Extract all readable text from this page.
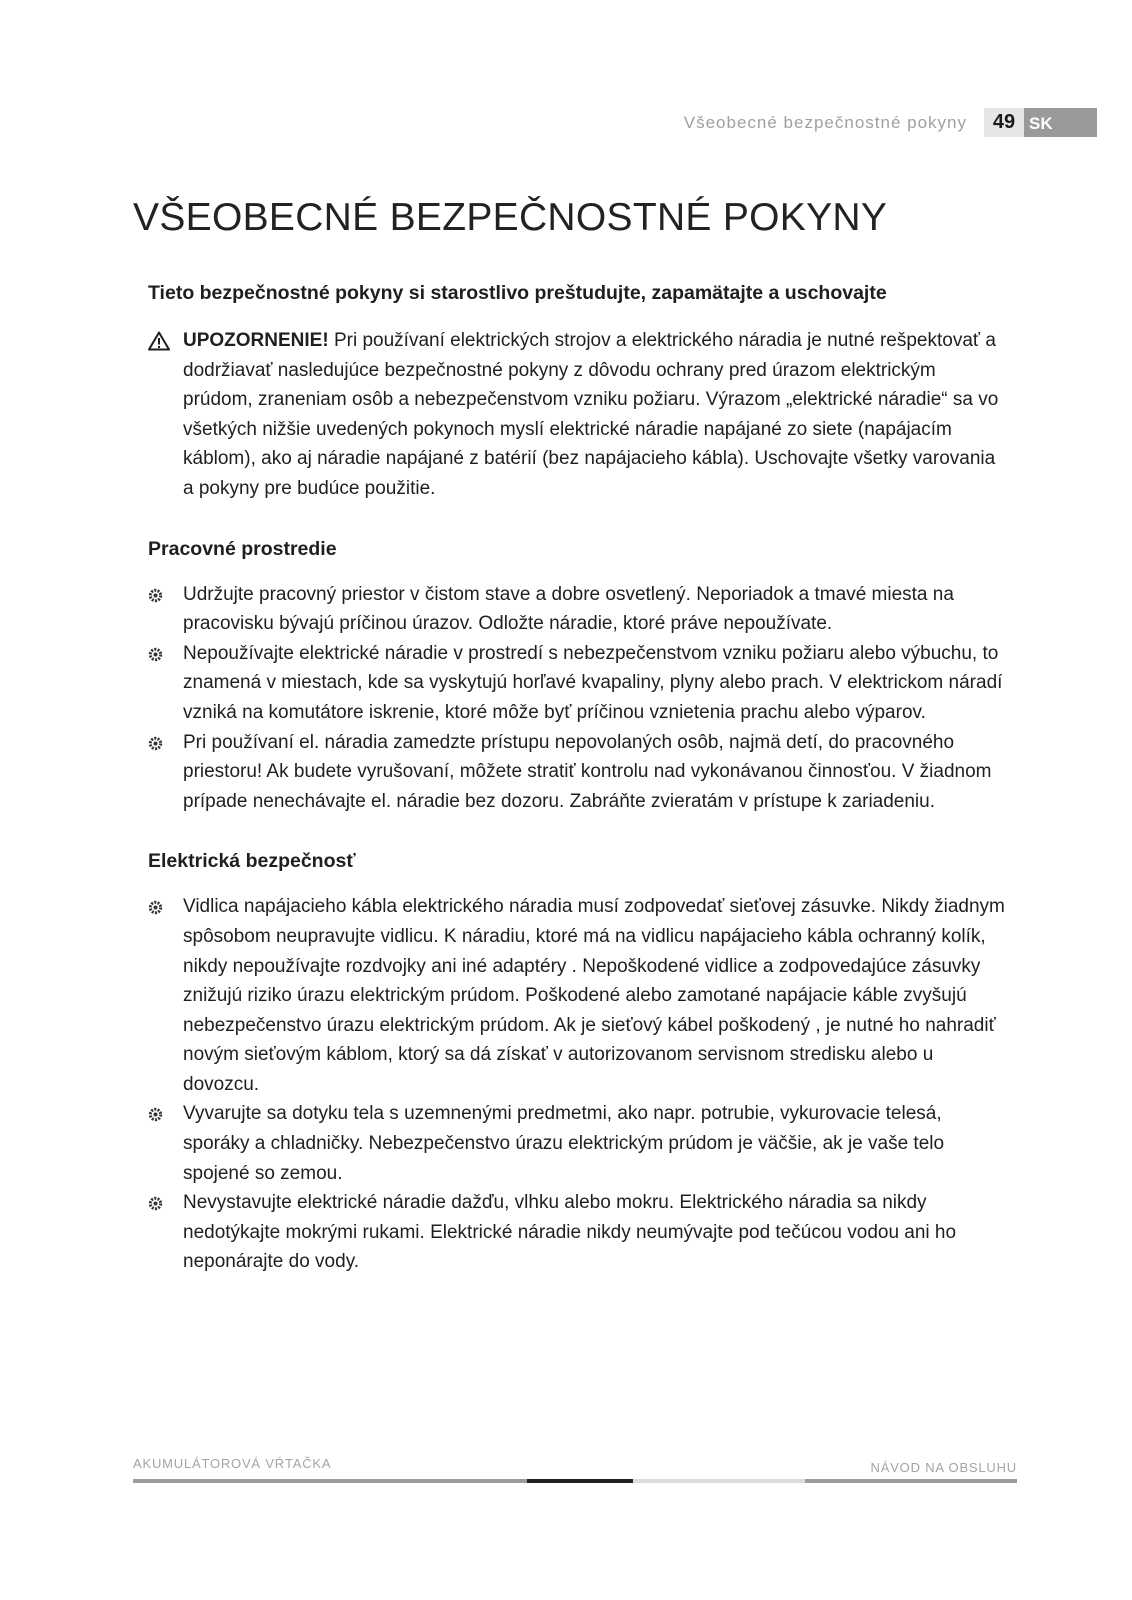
Všeobecné bezpečnostné pokyny	49 SK
VŠEOBECNÉ BEZPEČNOSTNÉ POKYNY

Tieto bezpečnostné pokyny si starostlivo preštudujte, zapamätajte a uschovajte

UPOZORNENIE! Pri používaní elektrických strojov a elektrického náradia je nutné rešpektovať a dodržiavať nasledujúce bezpečnostné pokyny z dôvodu ochrany pred úrazom elektrickým prúdom, zraneniam osôb a nebezpečenstvom vzniku požiaru. Výrazom „elektrické náradie“ sa vo všetkých nižšie uvedených pokynoch myslí elektrické náradie napájané zo siete (napájacím káblom), ako aj náradie napájané z batérií (bez napájacieho kábla). Uschovajte všetky varovania a pokyny pre budúce použitie.

Pracovné prostredie
Udržujte pracovný priestor v čistom stave a dobre osvetlený. Neporiadok a tmavé miesta na pracovisku bývajú príčinou úrazov. Odložte náradie, ktoré práve nepoužívate.
Nepoužívajte elektrické náradie v prostredí s nebezpečenstvom vzniku požiaru alebo výbuchu, to znamená v miestach, kde sa vyskytujú horľavé kvapaliny, plyny alebo prach. V elektrickom náradí vzniká na komutátore iskrenie, ktoré môže byť príčinou vznietenia prachu alebo výparov.
Pri používaní el. náradia zamedzte prístupu nepovolaných osôb, najmä detí, do pracovného priestoru! Ak budete vyrušovaní, môžete stratiť kontrolu nad vykonávanou činnosťou. V žiadnom prípade nenechávajte el. náradie bez dozoru. Zabráňte zvieratám v prístupe k zariadeniu.
Elektrická bezpečnosť
Vidlica napájacieho kábla elektrického náradia musí zodpovedať sieťovej zásuvke. Nikdy žiadnym spôsobom neupravujte vidlicu. K náradiu, ktoré má na vidlicu napájacieho kábla ochranný kolík, nikdy nepoužívajte rozdvojky ani iné adaptéry . Nepoškodené vidlice a zodpovedajúce zásuvky znižujú riziko úrazu elektrickým prúdom. Poškodené alebo zamotané napájacie káble zvyšujú nebezpečenstvo úrazu elektrickým prúdom. Ak je sieťový kábel poškodený , je nutné ho nahradiť novým sieťovým káblom, ktorý sa dá získať v autorizovanom servisnom stredisku alebo u dovozcu.
Vyvarujte sa dotyku tela s uzemnenými predmetmi, ako napr. potrubie, vykurovacie telesá, sporáky a chladničky. Nebezpečenstvo úrazu elektrickým prúdom je väčšie, ak je vaše telo spojené so zemou.
Nevystavujte elektrické náradie dažďu, vlhku alebo mokru. Elektrického náradia sa nikdy nedotýkajte mokrými rukami. Elektrické náradie nikdy neumývajte pod tečúcou vodou ani ho neponárajte do vody.
AKUMULÁTOROVÁ VŔTAČKA	NÁVOD NA OBSLUHU
